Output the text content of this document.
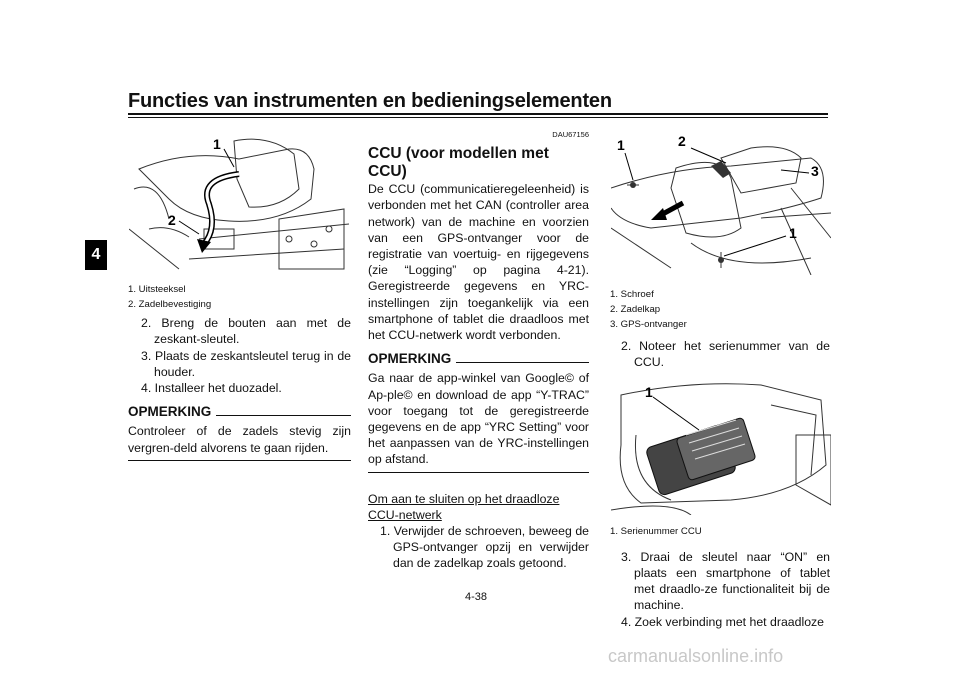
Functies van instrumenten en bedieningselementen
4
1
2
1. Uitsteeksel
2. Zadelbevestiging
2. Breng de bouten aan met de zeskant-sleutel.
3. Plaats de zeskantsleutel terug in de houder.
4. Installeer het duozadel.
OPMERKING
Controleer of de zadels stevig zijn vergren-deld alvorens te gaan rijden.
DAU67156
CCU (voor modellen met CCU)
De CCU (communicatieregeleenheid) is verbonden met het CAN (controller area network) van de machine en voorzien van een GPS-ontvanger voor de registratie van voertuig- en rijgegevens (zie “Logging” op pagina 4-21). Geregistreerde gegevens en YRC-instellingen zijn toegankelijk via een smartphone of tablet die draadloos met het CCU-netwerk wordt verbonden.
OPMERKING
Ga naar de app-winkel van Google© of Ap-ple© en download de app “Y-TRAC” voor toegang tot de geregistreerde gegevens en de app “YRC Setting” voor het aanpassen van de YRC-instellingen op afstand.
Om aan te sluiten op het draadloze CCU-netwerk
1. Verwijder de schroeven, beweeg de GPS-ontvanger opzij en verwijder dan de zadelkap zoals getoond.
1	2
3
1
1. Schroef
2. Zadelkap
3. GPS-ontvanger
2. Noteer het serienummer van de CCU.
1
1. Serienummer CCU
3. Draai de sleutel naar “ON” en plaats een smartphone of tablet met draadlo-ze functionaliteit bij de machine.
4. Zoek verbinding met het draadloze
4-38
carmanualsonline.info
